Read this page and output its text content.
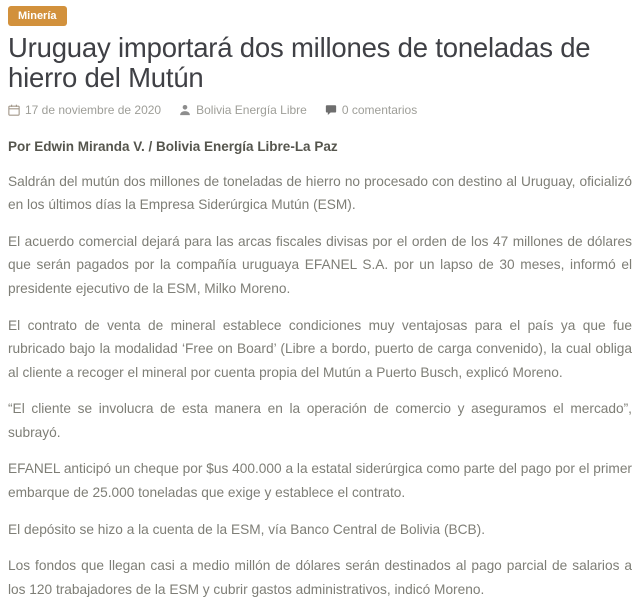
Minería
Uruguay importará dos millones de toneladas de hierro del Mutún
17 de noviembre de 2020	Bolivia Energía Libre	0 comentarios

Por Edwin Miranda V. / Bolivia Energía Libre-La Paz

Saldrán del mutún dos millones de toneladas de hierro no procesado con destino al Uruguay, oficializó en los últimos días la Empresa Siderúrgica Mutún (ESM).

El acuerdo comercial dejará para las arcas fiscales divisas por el orden de los 47 millones de dólares que serán pagados por la compañía uruguaya EFANEL S.A. por un lapso de 30 meses, informó el presidente ejecutivo de la ESM, Milko Moreno.

El contrato de venta de mineral establece condiciones muy ventajosas para el país ya que fue rubricado bajo la modalidad ‘Free on Board’ (Libre a bordo, puerto de carga convenido), la cual obliga al cliente a recoger el mineral por cuenta propia del Mutún a Puerto Busch, explicó Moreno.

“El cliente se involucra de esta manera en la operación de comercio y aseguramos el mercado”, subrayó.

EFANEL anticipó un cheque por $us 400.000 a la estatal siderúrgica como parte del pago por el primer embarque de 25.000 toneladas que exige y establece el contrato.

El depósito se hizo a la cuenta de la ESM, vía Banco Central de Bolivia (BCB).

Los fondos que llegan casi a medio millón de dólares serán destinados al pago parcial de salarios a los 120 trabajadores de la ESM y cubrir gastos administrativos, indicó Moreno.
